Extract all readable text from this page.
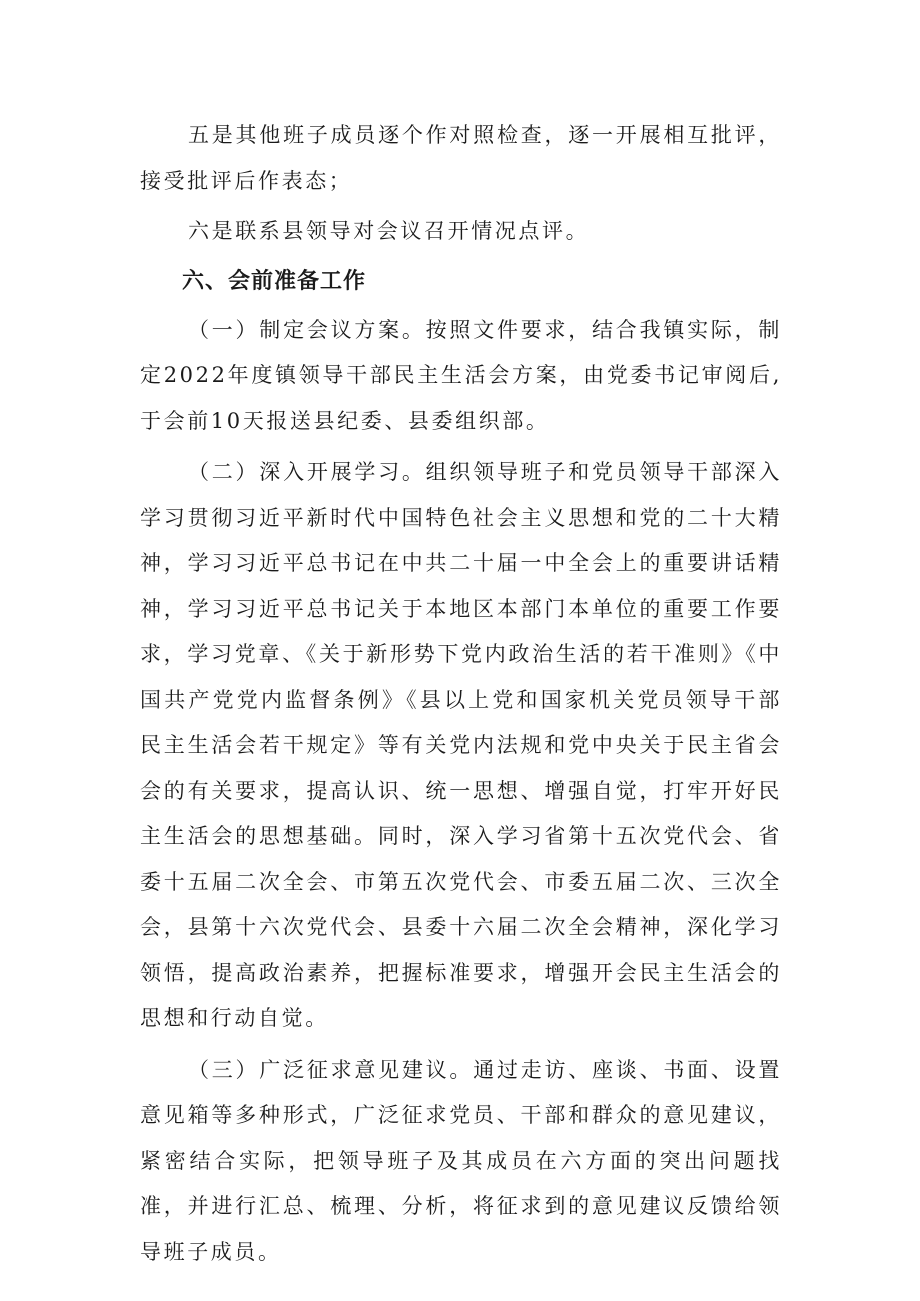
五是其他班子成员逐个作对照检查，逐一开展相互批评，接受批评后作表态；

六是联系县领导对会议召开情况点评。

六、会前准备工作

（一）制定会议方案。按照文件要求，结合我镇实际，制定2022年度镇领导干部民主生活会方案，由党委书记审阅后,于会前10天报送县纪委、县委组织部。

（二）深入开展学习。组织领导班子和党员领导干部深入学习贯彻习近平新时代中国特色社会主义思想和党的二十大精神，学习习近平总书记在中共二十届一中全会上的重要讲话精神，学习习近平总书记关于本地区本部门本单位的重要工作要求，学习党章、《关于新形势下党内政治生活的若干准则》《中国共产党党内监督条例》《县以上党和国家机关党员领导干部民主生活会若干规定》等有关党内法规和党中央关于民主省会会的有关要求，提高认识、统一思想、增强自觉，打牢开好民主生活会的思想基础。同时，深入学习省第十五次党代会、省委十五届二次全会、市第五次党代会、市委五届二次、三次全会，县第十六次党代会、县委十六届二次全会精神，深化学习领悟，提高政治素养，把握标准要求，增强开会民主生活会的思想和行动自觉。

（三）广泛征求意见建议。通过走访、座谈、书面、设置意见箱等多种形式，广泛征求党员、干部和群众的意见建议，紧密结合实际，把领导班子及其成员在六方面的突出问题找准，并进行汇总、梳理、分析，将征求到的意见建议反馈给领导班子成员。
